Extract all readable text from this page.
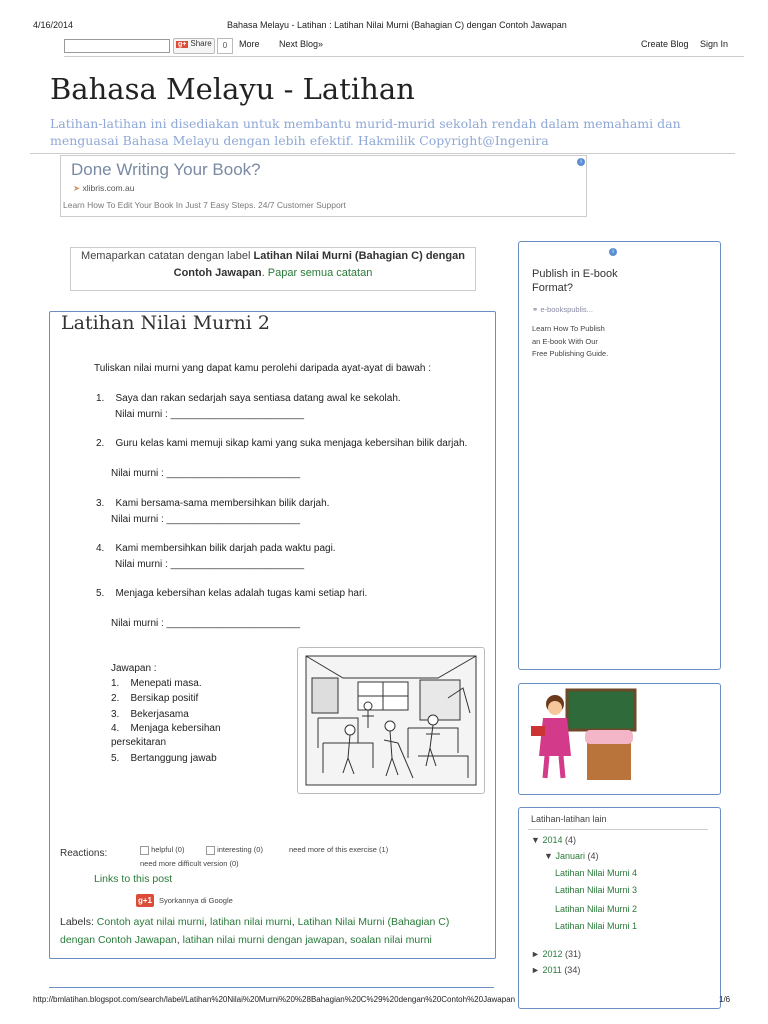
4/16/2014	Bahasa Melayu - Latihan : Latihan Nilai Murni (Bahagian C) dengan Contoh Jawapan
g+ Share	0	More Next Blog»	Create Blog Sign In
Bahasa Melayu - Latihan
Latihan-latihan ini disediakan untuk membantu murid-murid sekolah rendah dalam memahami dan menguasai Bahasa Melayu dengan lebih efektif. Hakmilik Copyright@Ingenira
Done Writing Your Book?
➤ xlibris.com.au
Learn How To Edit Your Book In Just 7 Easy Steps. 24/7 Customer Support
i
Memaparkan catatan dengan label Latihan Nilai Murni (Bahagian C) dengan Contoh Jawapan. Papar semua catatan
Latihan Nilai Murni 2
Tuliskan nilai murni yang dapat kamu perolehi daripada ayat-ayat di bawah :
1. Saya dan rakan sedarjah saya sentiasa datang awal ke sekolah.
Nilai murni : ________________________
2. Guru kelas kami memuji sikap kami yang suka menjaga kebersihan bilik darjah.
Nilai murni : ________________________
3. Kami bersama-sama membersihkan bilik darjah.
Nilai murni : ________________________
4. Kami membersihkan bilik darjah pada waktu pagi.
Nilai murni : ________________________
5. Menjaga kebersihan kelas adalah tugas kami setiap hari.
Nilai murni : ________________________
Jawapan :
1. Menepati masa.
2. Bersikap positif
3. Bekerjasama
4. Menjaga kebersihan persekitaran
5. Bertanggung jawab
Reactions:	helpful (0)	interesting (0)	need more of this exercise (1)
need more difficult version (0)
Links to this post
g+1 Syorkannya di Google
Labels: Contoh ayat nilai murni, latihan nilai murni, Latihan Nilai Murni (Bahagian C) dengan Contoh Jawapan, latihan nilai murni dengan jawapan, soalan nilai murni
i
Publish in E-book Format?
⚭ e-bookspublis...
Learn How To Publish an E-book With Our Free Publishing Guide.
Latihan-latihan lain
▼ 2014 (4)
▼ Januari (4)
Latihan Nilai Murni 4
Latihan Nilai Murni 3
Latihan Nilai Murni 2
Latihan Nilai Murni 1
► 2012 (31)
► 2011 (34)
http://bmlatihan.blogspot.com/search/label/Latihan%20Nilai%20Murni%20%28Bahagian%20C%29%20dengan%20Contoh%20Jawapan	1/6
